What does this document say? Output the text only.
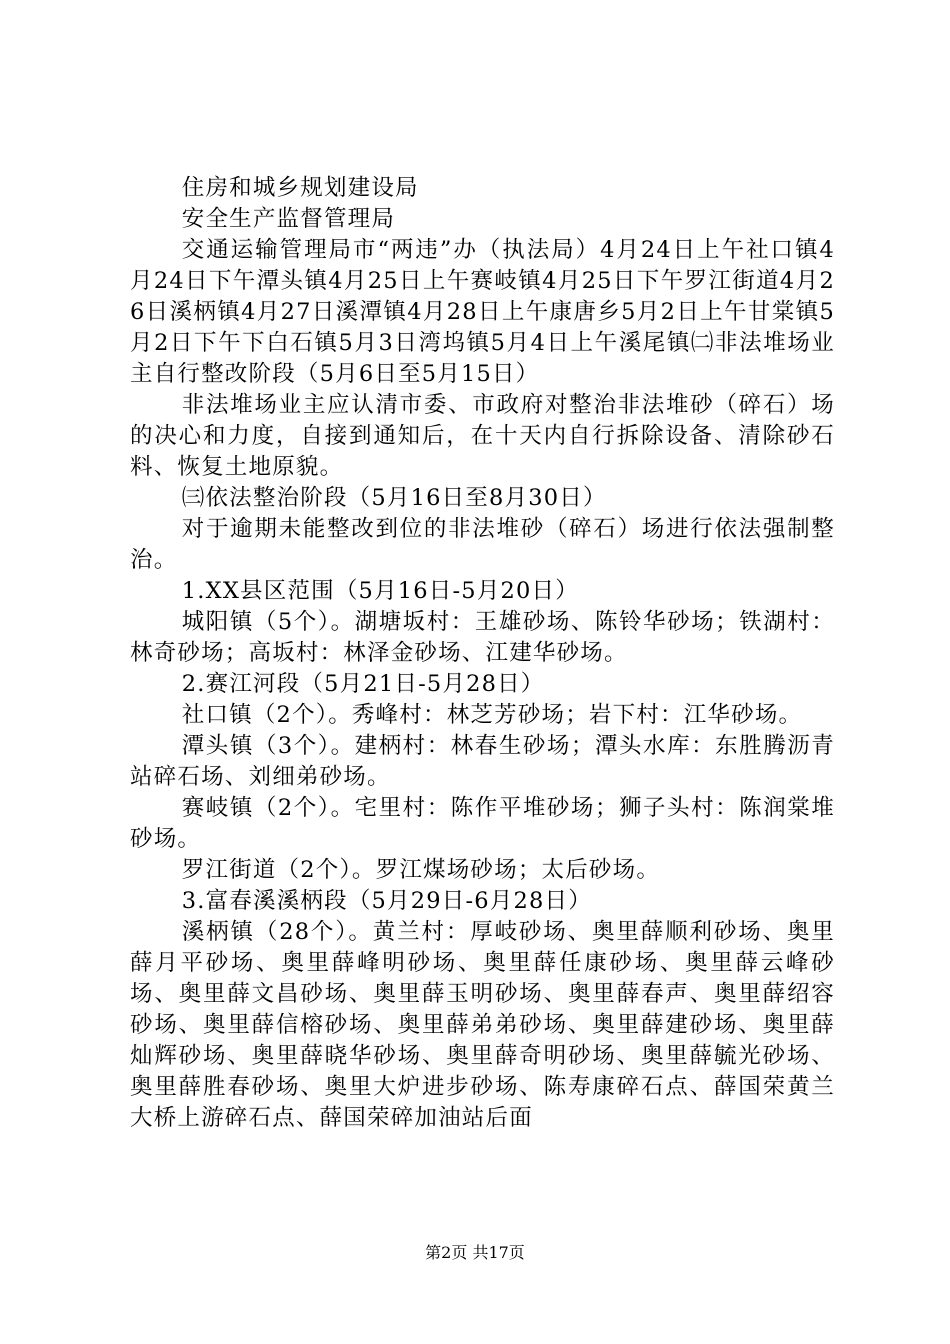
住房和城乡规划建设局

安全生产监督管理局

交通运输管理局市“两违”办（执法局）4月24日上午社口镇4月24日下午潭头镇4月25日上午赛岐镇4月25日下午罗江街道4月26日溪柄镇4月27日溪潭镇4月28日上午康唐乡5月2日上午甘棠镇5月2日下午下白石镇5月3日湾坞镇5月4日上午溪尾镇㈡非法堆场业主自行整改阶段（5月6日至5月15日）

非法堆场业主应认清市委、市政府对整治非法堆砂（碎石）场的决心和力度，自接到通知后，在十天内自行拆除设备、清除砂石料、恢复土地原貌。

㈢依法整治阶段（5月16日至8月30日）

对于逾期未能整改到位的非法堆砂（碎石）场进行依法强制整治。

1.XX县区范围（5月16日-5月20日）

城阳镇（5个）。湖塘坂村：王雄砂场、陈铃华砂场；铁湖村：林奇砂场；高坂村：林泽金砂场、江建华砂场。

2.赛江河段（5月21日-5月28日）

社口镇（2个）。秀峰村：林芝芳砂场；岩下村：江华砂场。

潭头镇（3个）。建柄村：林春生砂场；潭头水库：东胜腾沥青站碎石场、刘细弟砂场。

赛岐镇（2个）。宅里村：陈作平堆砂场；狮子头村：陈润棠堆砂场。

罗江街道（2个）。罗江煤场砂场；太后砂场。

3.富春溪溪柄段（5月29日-6月28日）

溪柄镇（28个）。黄兰村：厚岐砂场、奥里薛顺利砂场、奥里薛月平砂场、奥里薛峰明砂场、奥里薛任康砂场、奥里薛云峰砂场、奥里薛文昌砂场、奥里薛玉明砂场、奥里薛春声、奥里薛绍容砂场、奥里薛信榕砂场、奥里薛弟弟砂场、奥里薛建砂场、奥里薛灿辉砂场、奥里薛晓华砂场、奥里薛奇明砂场、奥里薛毓光砂场、奥里薛胜春砂场、奥里大炉进步砂场、陈寿康碎石点、薛国荣黄兰大桥上游碎石点、薛国荣碎加油站后面

第2页 共17页
